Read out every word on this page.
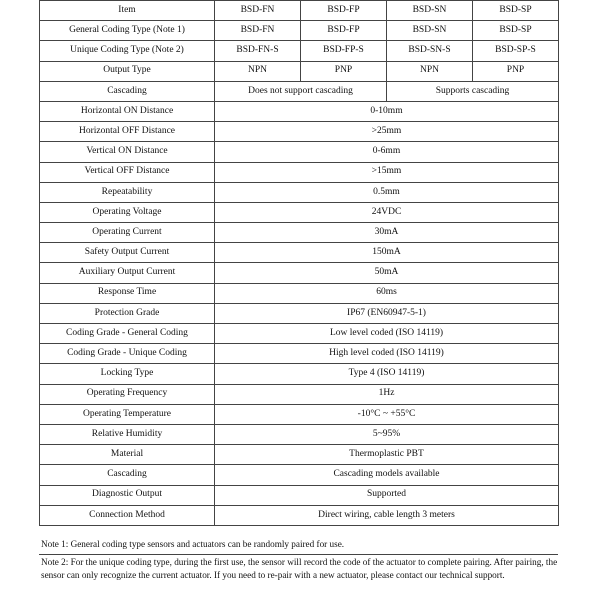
Item	BSD-FN	BSD-FP	BSD-SN	BSD-SP
General Coding Type (Note 1)	BSD-FN	BSD-FP	BSD-SN	BSD-SP
Unique Coding Type (Note 2)	BSD-FN-S	BSD-FP-S	BSD-SN-S	BSD-SP-S
Output Type	NPN	PNP	NPN	PNP
Cascading	Does not support cascading		Supports cascading	
Horizontal ON Distance	0-10mm			
Horizontal OFF Distance	>25mm			
Vertical ON Distance	0-6mm			
Vertical OFF Distance	>15mm			
Repeatability	0.5mm			
Operating Voltage	24VDC			
Operating Current	30mA			
Safety Output Current	150mA			
Auxiliary Output Current	50mA			
Response Time	60ms			
Protection Grade	IP67 (EN60947-5-1)			
Coding Grade - General Coding	Low level coded (ISO 14119)			
Coding Grade - Unique Coding	High level coded (ISO 14119)			
Locking Type	Type 4 (ISO 14119)			
Operating Frequency	1Hz			
Operating Temperature	-10°C ~ +55°C			
Relative Humidity	5~95%			
Material	Thermoplastic PBT			
Cascading	Cascading models available			
Diagnostic Output	Supported			
Connection Method	Direct wiring, cable length 3 meters			

Note 1: General coding type sensors and actuators can be randomly paired for use.

Note 2: For the unique coding type, during the first use, the sensor will record the code of the actuator to complete pairing. After pairing, the sensor can only recognize the current actuator. If you need to re-pair with a new actuator, please contact our technical support.
